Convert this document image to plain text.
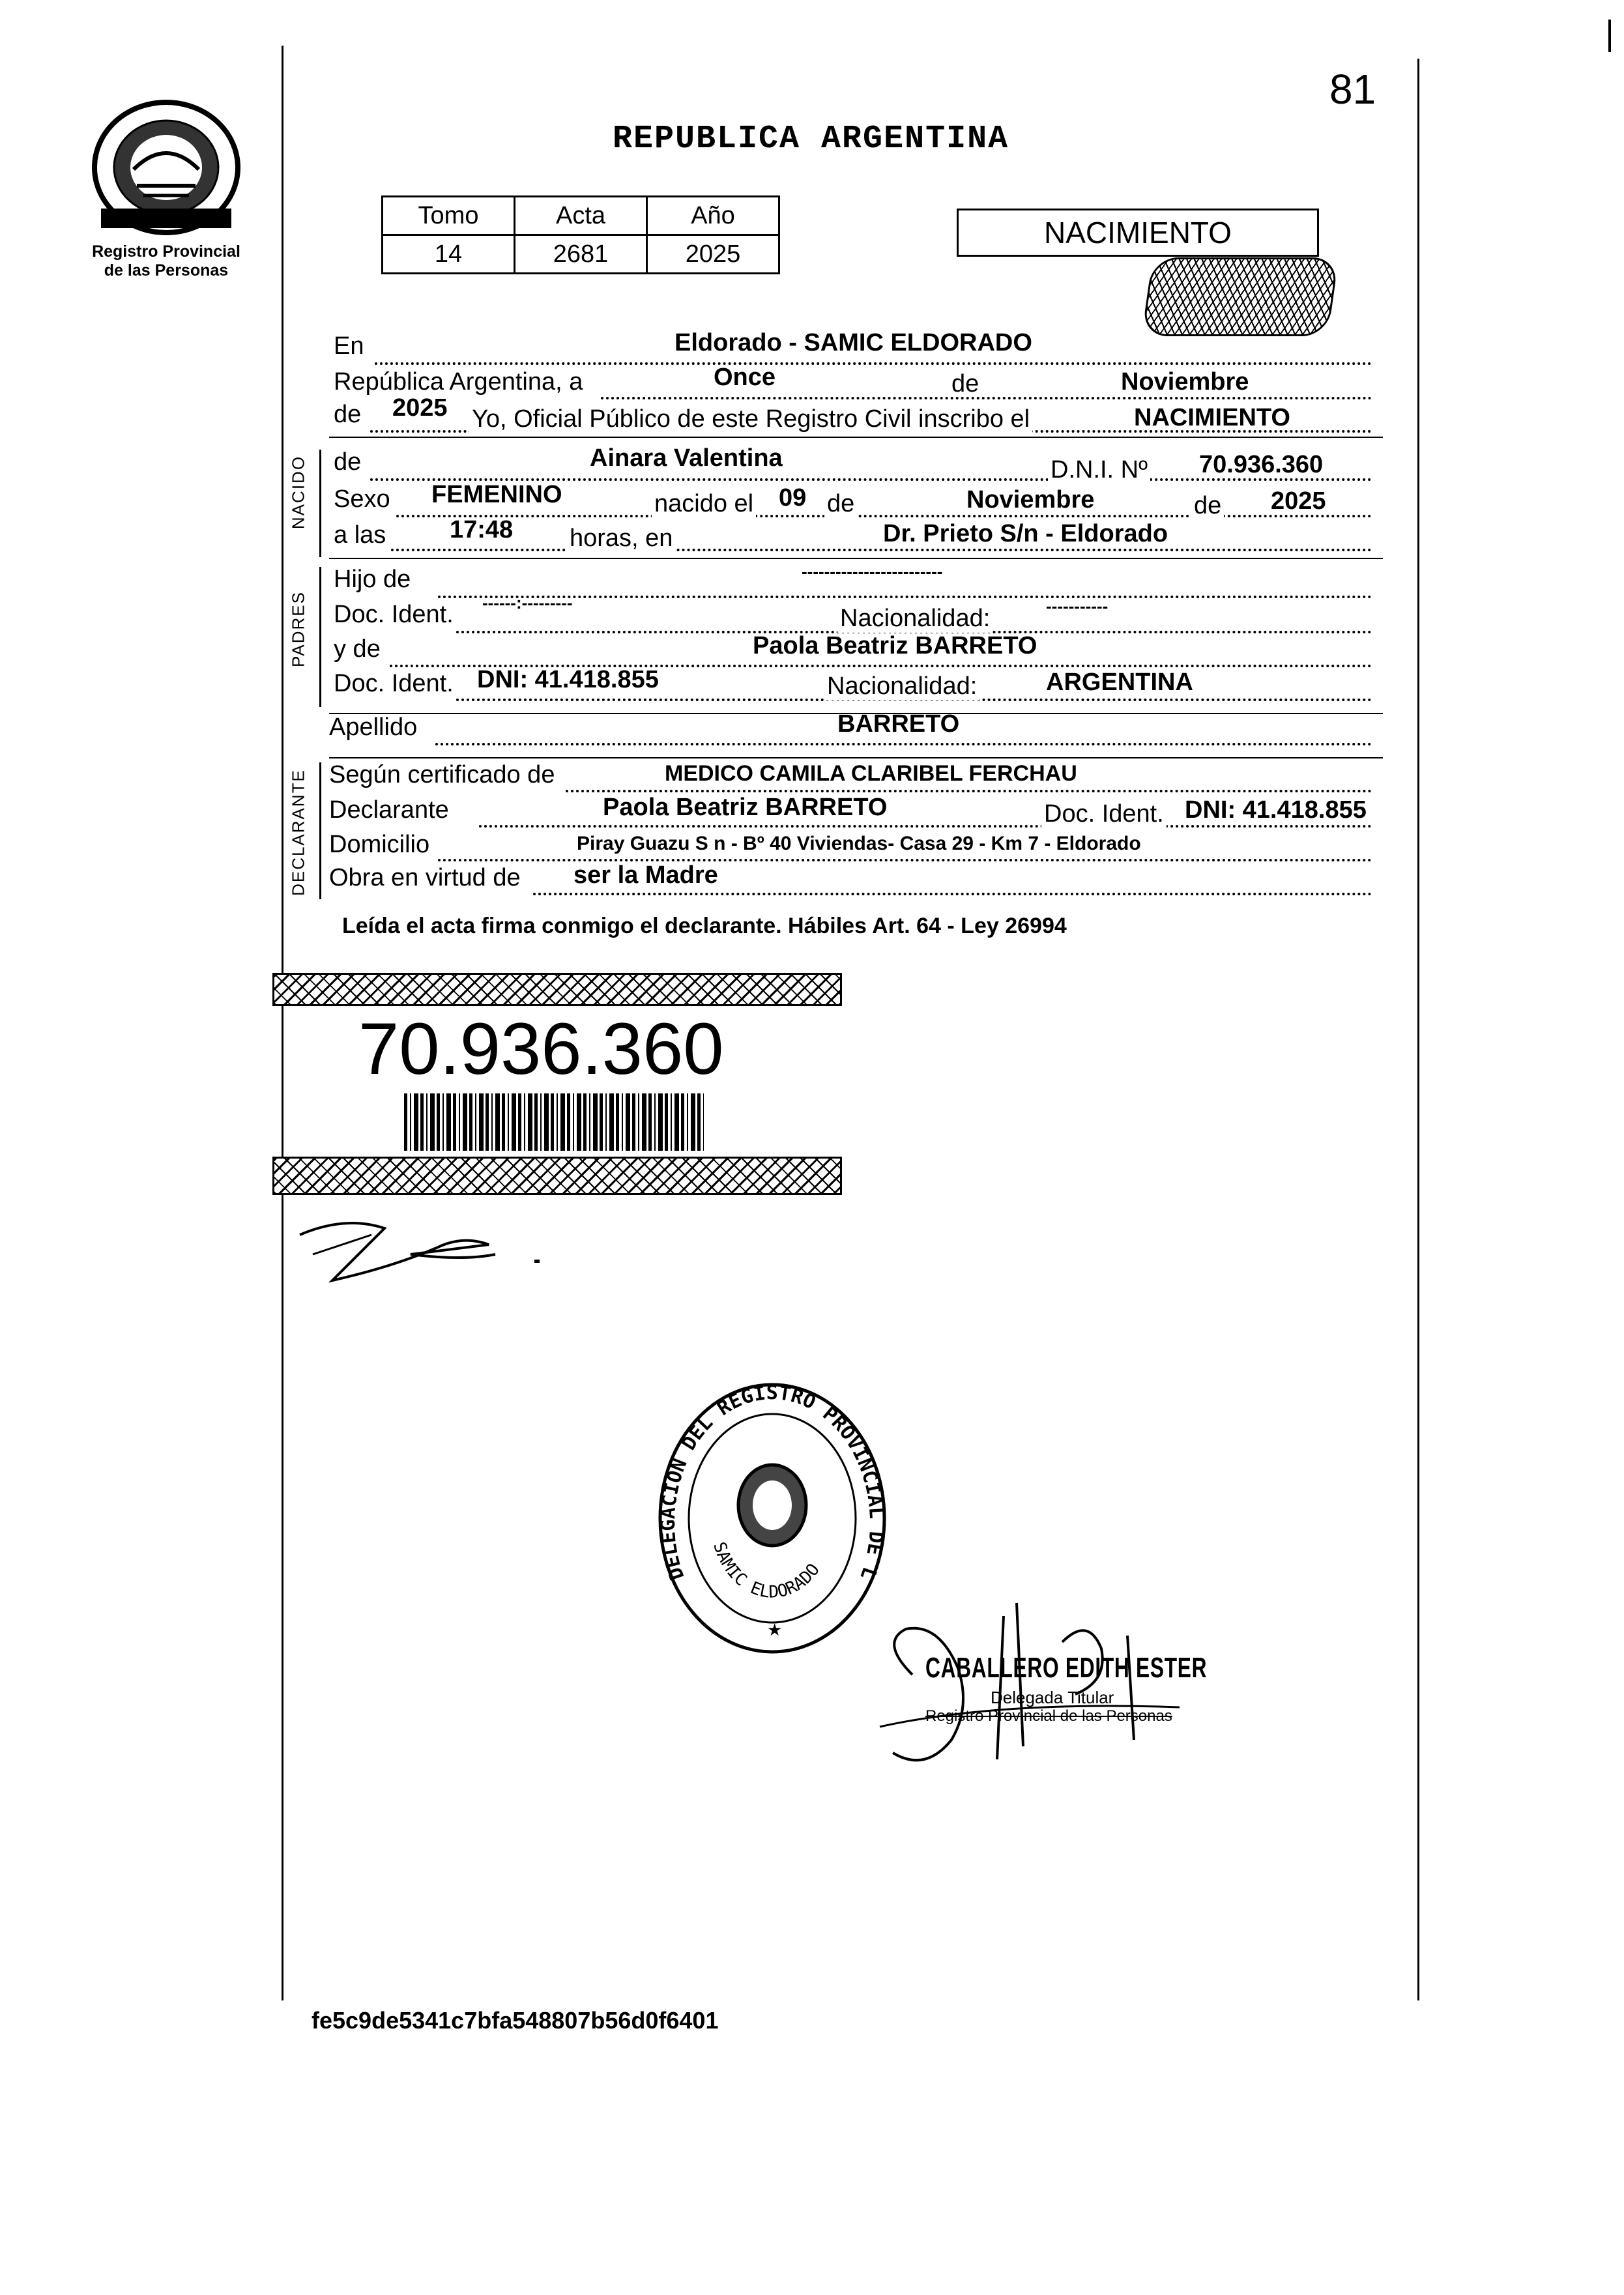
81
Registro Provincial
de las Personas
REPUBLICA ARGENTINA
Tomo	Acta	Año
14	2681	2025
NACIMIENTO
En	Eldorado - SAMIC ELDORADO
República Argentina, a	Once	de	Noviembre
de 2025 Yo, Oficial Público de este Registro Civil inscribo el	NACIMIENTO
NACIDO de	Ainara Valentina	D.N.I. Nº 70.936.360
Sexo FEMENINO	nacido el 09 de	Noviembre	de 2025
a las	17:48 horas, en	Dr. Prieto S/n - Eldorado
PADRES
Hijo de	-------------------------
Doc. Ident. ------:---------
Nacionalidad:	-----------
y de	Paola Beatriz BARRETO
Doc. Ident. DNI: 41.418.855	Nacionalidad:	ARGENTINA
Apellido	BARRETO
DECLARANTE Según certificado de	MEDICO CAMILA CLARIBEL FERCHAU
Declarante	Paola Beatriz BARRETO	Doc. Ident. DNI: 41.418.855
Domicilio	Piray Guazu S n - Bº 40 Viviendas- Casa 29 - Km 7 - Eldorado
Obra en virtud de ser la Madre
Leída el acta firma conmigo el declarante. Hábiles Art. 64 - Ley 26994
70.936.360
DELEGACION DEL REGISTRO PROVINCIAL DE L
SAMIC ELDORADO
★
CABALLERO EDITH ESTER
Delegada Titular
Registro Provincial de las Personas
fe5c9de5341c7bfa548807b56d0f6401
